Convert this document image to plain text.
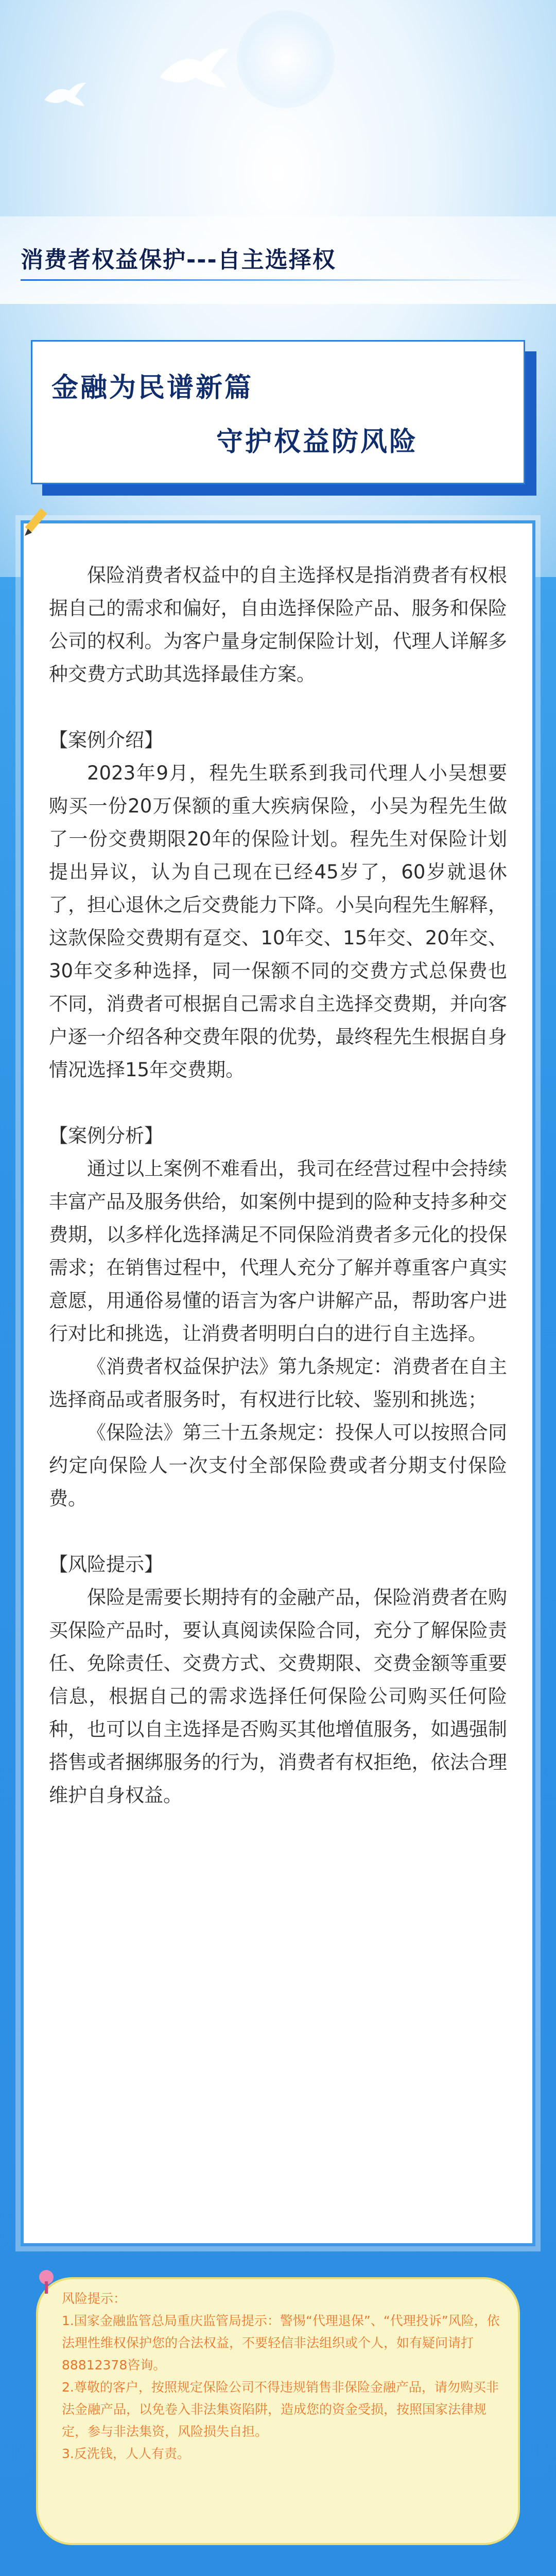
消费者权益保护---自主选择权
金融为民谱新篇
守护权益防风险

保险消费者权益中的自主选择权是指消费者有权根据自己的需求和偏好，自由选择保险产品、服务和保险公司的权利。为客户量身定制保险计划，代理人详解多种交费方式助其选择最佳方案。

【案例介绍】

2023年9月，程先生联系到我司代理人小吴想要购买一份20万保额的重大疾病保险，小吴为程先生做了一份交费期限20年的保险计划。程先生对保险计划提出异议，认为自己现在已经45岁了，60岁就退休了，担心退休之后交费能力下降。小吴向程先生解释，这款保险交费期有趸交、10年交、15年交、20年交、30年交多种选择，同一保额不同的交费方式总保费也不同，消费者可根据自己需求自主选择交费期，并向客户逐一介绍各种交费年限的优势，最终程先生根据自身情况选择15年交费期。

【案例分析】

通过以上案例不难看出，我司在经营过程中会持续丰富产品及服务供给，如案例中提到的险种支持多种交费期，以多样化选择满足不同保险消费者多元化的投保需求；在销售过程中，代理人充分了解并尊重客户真实意愿，用通俗易懂的语言为客户讲解产品，帮助客户进行对比和挑选，让消费者明明白白的进行自主选择。

《消费者权益保护法》第九条规定：消费者在自主选择商品或者服务时，有权进行比较、鉴别和挑选；

《保险法》第三十五条规定：投保人可以按照合同约定向保险人一次支付全部保险费或者分期支付保险费。

【风险提示】

保险是需要长期持有的金融产品，保险消费者在购买保险产品时，要认真阅读保险合同，充分了解保险责任、免除责任、交费方式、交费期限、交费金额等重要信息，根据自己的需求选择任何保险公司购买任何险种，也可以自主选择是否购买其他增值服务，如遇强制搭售或者捆绑服务的行为，消费者有权拒绝，依法合理维护自身权益。

风险提示：

1.国家金融监管总局重庆监管局提示：警惕“代理退保”、“代理投诉”风险，依法理性维权保护您的合法权益，不要轻信非法组织或个人，如有疑问请打88812378咨询。

2.尊敬的客户，按照规定保险公司不得违规销售非保险金融产品，请勿购买非法金融产品，以免卷入非法集资陷阱，造成您的资金受损，按照国家法律规定，参与非法集资，风险损失自担。

3.反洗钱，人人有责。
